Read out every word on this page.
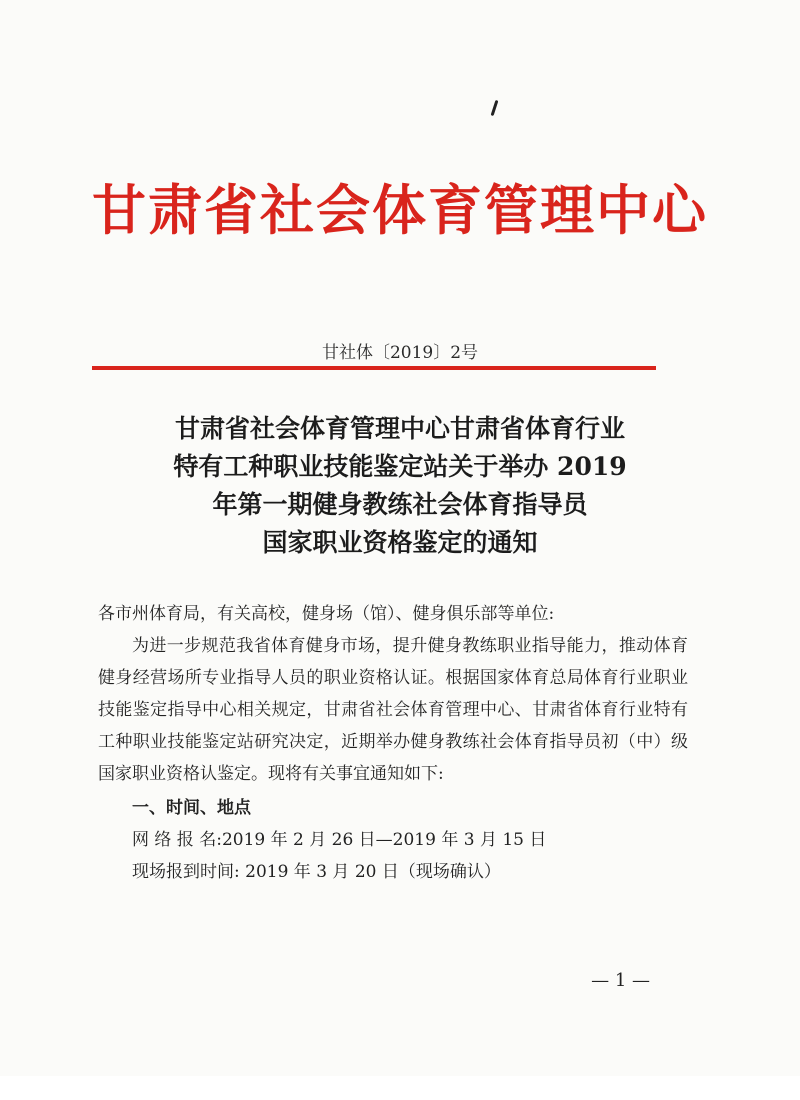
甘肃省社会体育管理中心
甘社体〔2019〕2号
甘肃省社会体育管理中心甘肃省体育行业
特有工种职业技能鉴定站关于举办 2019
年第一期健身教练社会体育指导员
国家职业资格鉴定的通知
各市州体育局，有关高校，健身场（馆）、健身俱乐部等单位:

为进一步规范我省体育健身市场，提升健身教练职业指导能力，推动体育健身经营场所专业指导人员的职业资格认证。根据国家体育总局体育行业职业技能鉴定指导中心相关规定，甘肃省社会体育管理中心、甘肃省体育行业特有工种职业技能鉴定站研究决定，近期举办健身教练社会体育指导员初（中）级国家职业资格认鉴定。现将有关事宜通知如下:

一、时间、地点
网 络 报 名:2019 年 2 月 26 日—2019 年 3 月 15 日
现场报到时间: 2019 年 3 月 20 日（现场确认）
— 1 —
